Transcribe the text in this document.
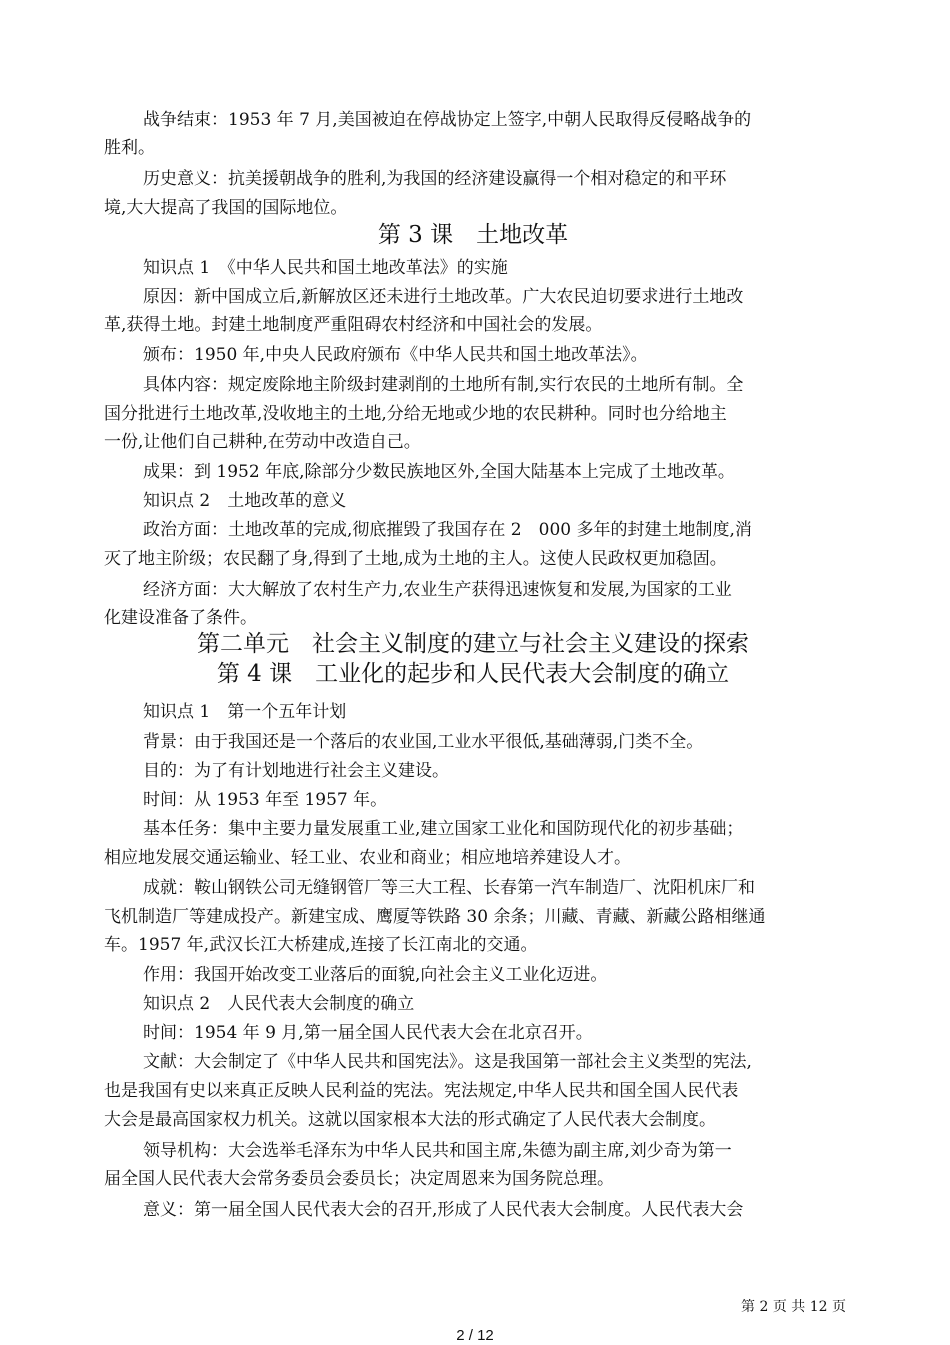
战争结束：1953 年 7 月,美国被迫在停战协定上签字,中朝人民取得反侵略战争的
胜利。
历史意义：抗美援朝战争的胜利,为我国的经济建设赢得一个相对稳定的和平环
境,大大提高了我国的国际地位。
第 3 课　土地改革
知识点 1　《中华人民共和国土地改革法》的实施
原因：新中国成立后,新解放区还未进行土地改革。广大农民迫切要求进行土地改
革,获得土地。封建土地制度严重阻碍农村经济和中国社会的发展。
颁布：1950 年,中央人民政府颁布《中华人民共和国土地改革法》。
具体内容：规定废除地主阶级封建剥削的土地所有制,实行农民的土地所有制。全
国分批进行土地改革,没收地主的土地,分给无地或少地的农民耕种。同时也分给地主
一份,让他们自己耕种,在劳动中改造自己。
成果：到 1952 年底,除部分少数民族地区外,全国大陆基本上完成了土地改革。
知识点 2　土地改革的意义
政治方面：土地改革的完成,彻底摧毁了我国存在 2　000 多年的封建土地制度,消
灭了地主阶级；农民翻了身,得到了土地,成为土地的主人。这使人民政权更加稳固。
经济方面：大大解放了农村生产力,农业生产获得迅速恢复和发展,为国家的工业
化建设准备了条件。
第二单元　社会主义制度的建立与社会主义建设的探索
第 4 课　工业化的起步和人民代表大会制度的确立
知识点 1　第一个五年计划
背景：由于我国还是一个落后的农业国,工业水平很低,基础薄弱,门类不全。
目的：为了有计划地进行社会主义建设。
时间：从 1953 年至 1957 年。
基本任务：集中主要力量发展重工业,建立国家工业化和国防现代化的初步基础；
相应地发展交通运输业、轻工业、农业和商业；相应地培养建设人才。
成就：鞍山钢铁公司无缝钢管厂等三大工程、长春第一汽车制造厂、沈阳机床厂和
飞机制造厂等建成投产。新建宝成、鹰厦等铁路 30 余条；川藏、青藏、新藏公路相继通
车。1957 年,武汉长江大桥建成,连接了长江南北的交通。
作用：我国开始改变工业落后的面貌,向社会主义工业化迈进。
知识点 2　人民代表大会制度的确立
时间：1954 年 9 月,第一届全国人民代表大会在北京召开。
文献：大会制定了《中华人民共和国宪法》。这是我国第一部社会主义类型的宪法,
也是我国有史以来真正反映人民利益的宪法。宪法规定,中华人民共和国全国人民代表
大会是最高国家权力机关。这就以国家根本大法的形式确定了人民代表大会制度。
领导机构：大会选举毛泽东为中华人民共和国主席,朱德为副主席,刘少奇为第一
届全国人民代表大会常务委员会委员长；决定周恩来为国务院总理。
意义：第一届全国人民代表大会的召开,形成了人民代表大会制度。人民代表大会
第 2 页 共 12 页
2 / 12
